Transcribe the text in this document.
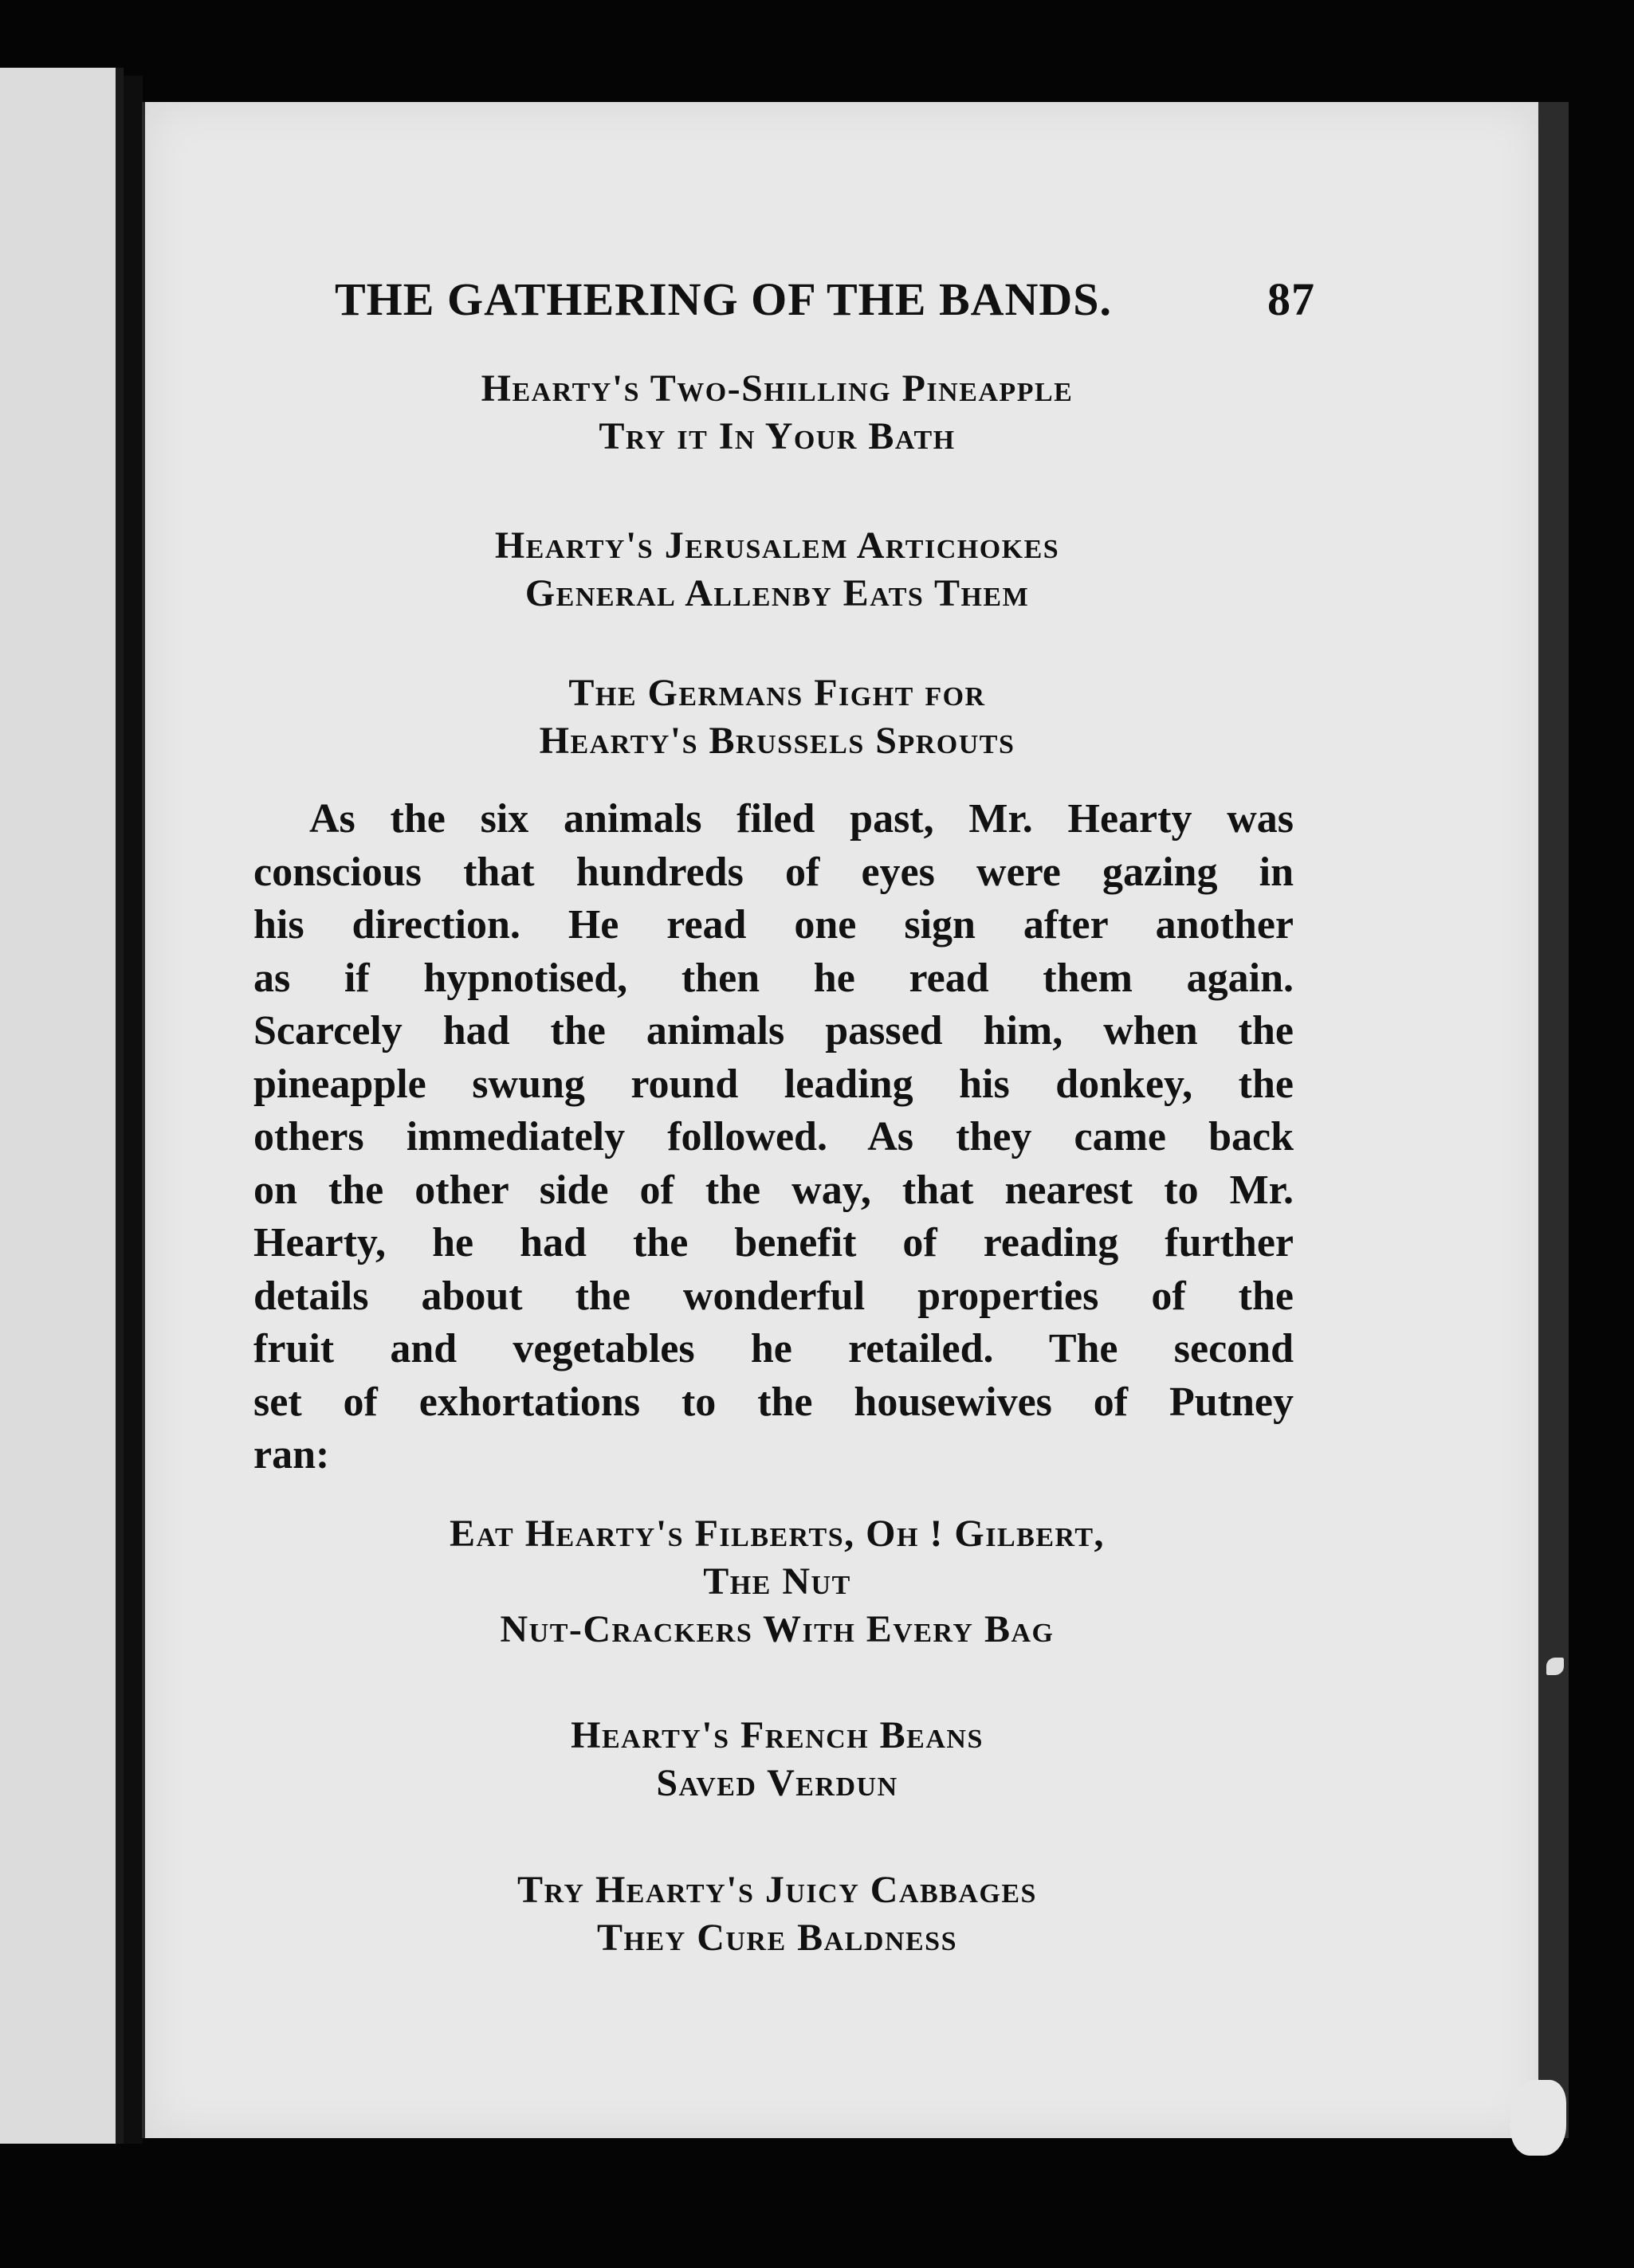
THE GATHERING OF THE BANDS.	87
Hearty's Two-Shilling Pineapple
Try it In Your Bath
Hearty's Jerusalem Artichokes
General Allenby Eats Them
The Germans Fight for
Hearty's Brussels Sprouts
As the six animals filed past, Mr. Hearty was
conscious that hundreds of eyes were gazing in
his direction. He read one sign after another
as if hypnotised, then he read them again.
Scarcely had the animals passed him, when the
pineapple swung round leading his donkey, the
others immediately followed. As they came back
on the other side of the way, that nearest to Mr.
Hearty, he had the benefit of reading further
details about the wonderful properties of the
fruit and vegetables he retailed. The second
set of exhortations to the housewives of Putney
ran:
Eat Hearty's Filberts, Oh ! Gilbert,
The Nut
Nut-Crackers With Every Bag
Hearty's French Beans
Saved Verdun
Try Hearty's Juicy Cabbages
They Cure Baldness
